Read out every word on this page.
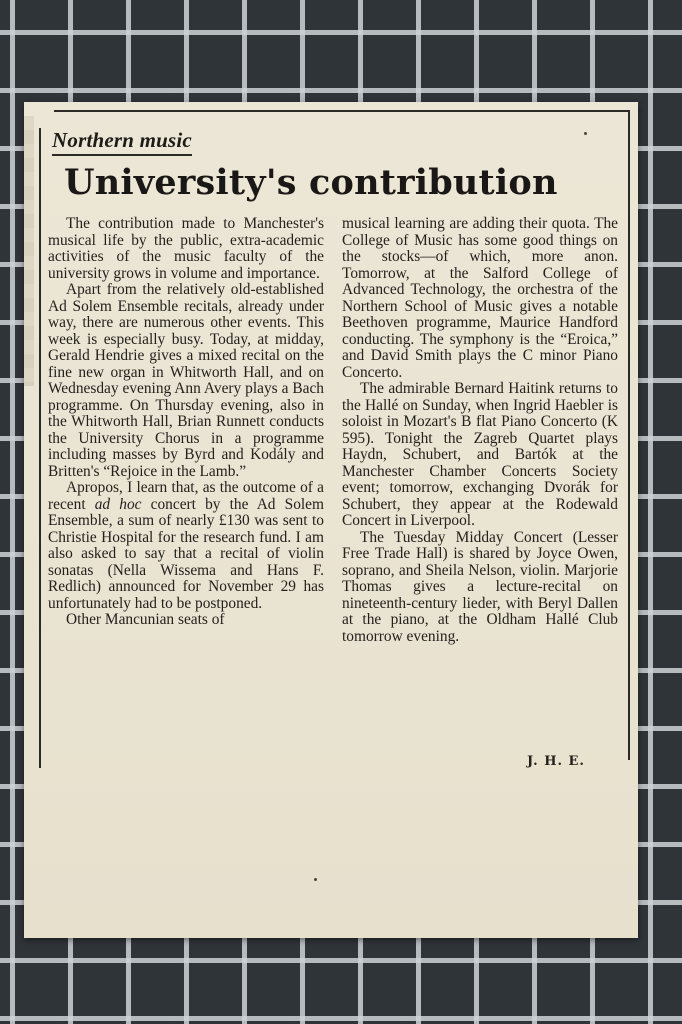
Northern music
University's contribution

The contribution made to Manchester's musical life by the public, extra-academic activities of the music faculty of the university grows in volume and importance.

Apart from the relatively old-established Ad Solem Ensemble recitals, already under way, there are numerous other events. This week is especially busy. Today, at midday, Gerald Hendrie gives a mixed recital on the fine new organ in Whitworth Hall, and on Wednesday evening Ann Avery plays a Bach programme. On Thursday evening, also in the Whitworth Hall, Brian Runnett conducts the University Chorus in a programme including masses by Byrd and Kodály and Britten's “Rejoice in the Lamb.”

Apropos, I learn that, as the outcome of a recent ad hoc concert by the Ad Solem Ensemble, a sum of nearly £130 was sent to Christie Hospital for the research fund. I am also asked to say that a recital of violin sonatas (Nella Wissema and Hans F. Redlich) announced for November 29 has unfortunately had to be postponed.

Other Mancunian seats of

musical learning are adding their quota. The College of Music has some good things on the stocks—of which, more anon. Tomorrow, at the Salford College of Advanced Technology, the orchestra of the Northern School of Music gives a notable Beethoven programme, Maurice Handford conducting. The symphony is the “Eroica,” and David Smith plays the C minor Piano Concerto.

The admirable Bernard Haitink returns to the Hallé on Sunday, when Ingrid Haebler is soloist in Mozart's B flat Piano Concerto (K 595). Tonight the Zagreb Quartet plays Haydn, Schubert, and Bartók at the Manchester Chamber Concerts Society event; tomorrow, exchanging Dvorák for Schubert, they appear at the Rodewald Concert in Liverpool.

The Tuesday Midday Concert (Lesser Free Trade Hall) is shared by Joyce Owen, soprano, and Sheila Nelson, violin. Marjorie Thomas gives a lecture-recital on nineteenth-century lieder, with Beryl Dallen at the piano, at the Oldham Hallé Club tomorrow evening.

J. H. E.
